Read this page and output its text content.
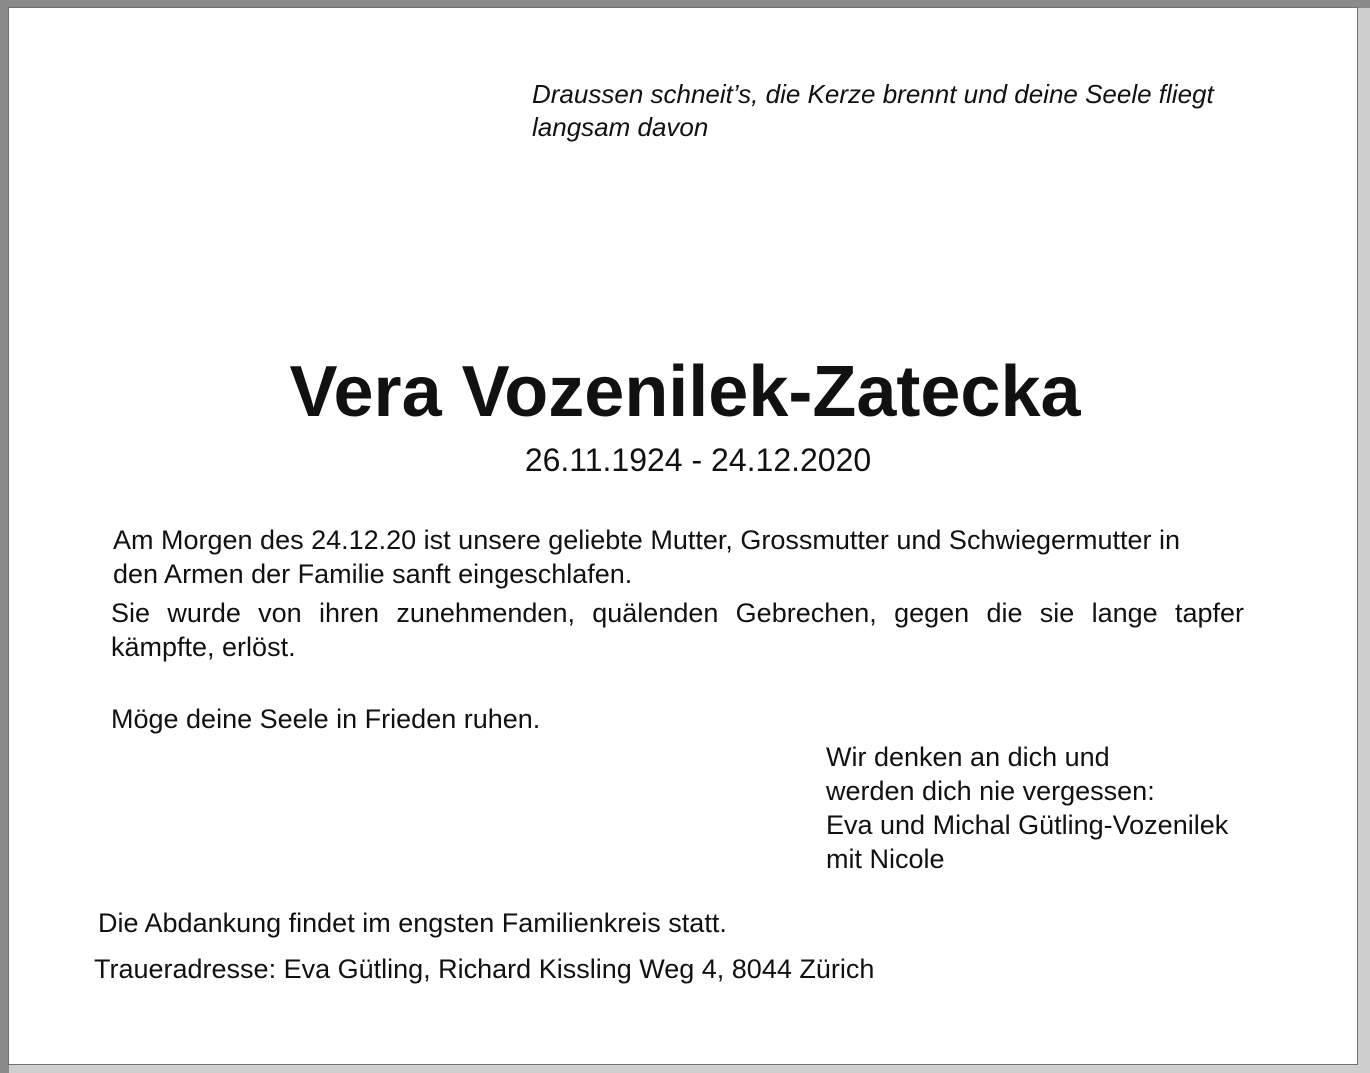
Draussen schneit’s, die Kerze brennt und deine Seele fliegt
langsam davon

Vera Vozenilek-Zatecka

26.11.1924 - 24.12.2020

Am Morgen des 24.12.20 ist unsere geliebte Mutter, Grossmutter und Schwiegermutter in
den Armen der Familie sanft eingeschlafen.

Sie wurde von ihren zunehmenden, quälenden Gebrechen, gegen die sie lange tapfer kämpfte, erlöst.

Möge deine Seele in Frieden ruhen.

Wir denken an dich und
werden dich nie vergessen:
Eva und Michal Gütling-Vozenilek
mit Nicole

Die Abdankung findet im engsten Familienkreis statt.

Traueradresse: Eva Gütling, Richard Kissling Weg 4, 8044 Zürich
